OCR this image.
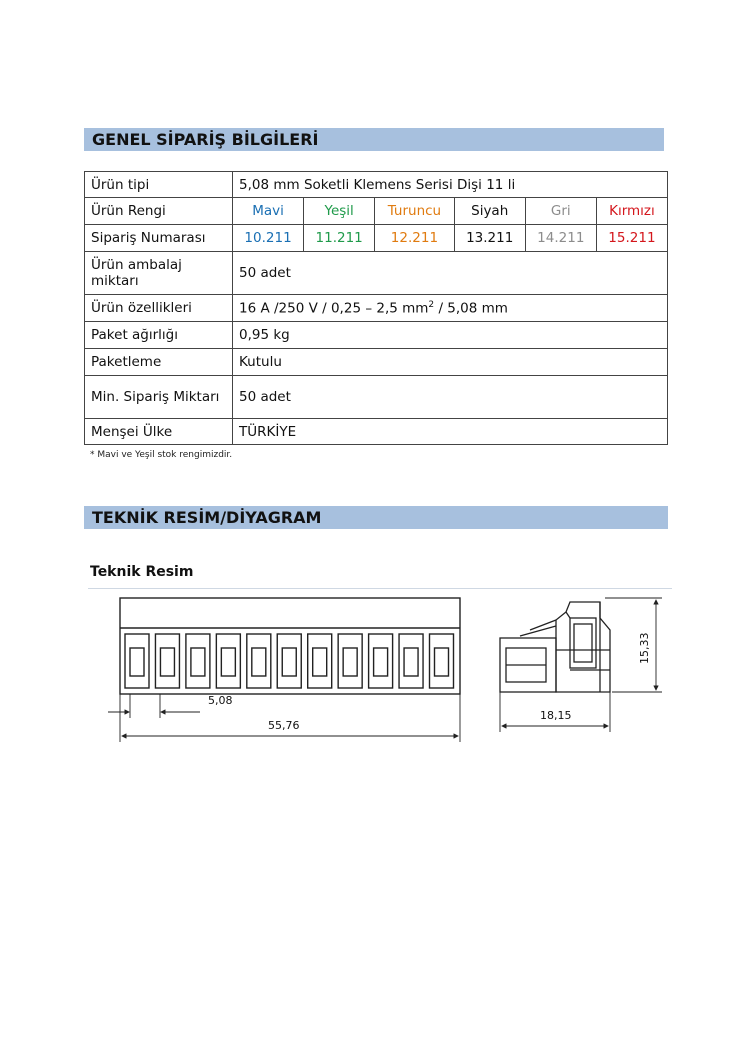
GENEL SİPARİŞ BİLGİLERİ
Ürün tipi	5,08 mm Soketli Klemens Serisi Dişi 11 li					
Ürün Rengi	Mavi	Yeşil	Turuncu	Siyah	Gri	Kırmızı
Sipariş Numarası	10.211	11.211	12.211	13.211	14.211	15.211
Ürün ambalaj miktarı	50 adet					
Ürün özellikleri	16 A /250 V / 0,25 – 2,5 $mm^2 / 5,08$ mm					
Paket ağırlığı	0,95 kg					
Paketleme	Kutulu					
Min. Sipariş Miktarı	50 adet					
Menşei Ülke	TÜRKİYE					
* Mavi ve Yeşil stok rengimizdir.
TEKNİK RESİM/DİYAGRAM
Teknik Resim
5,08
55,76
18,15
15,33
